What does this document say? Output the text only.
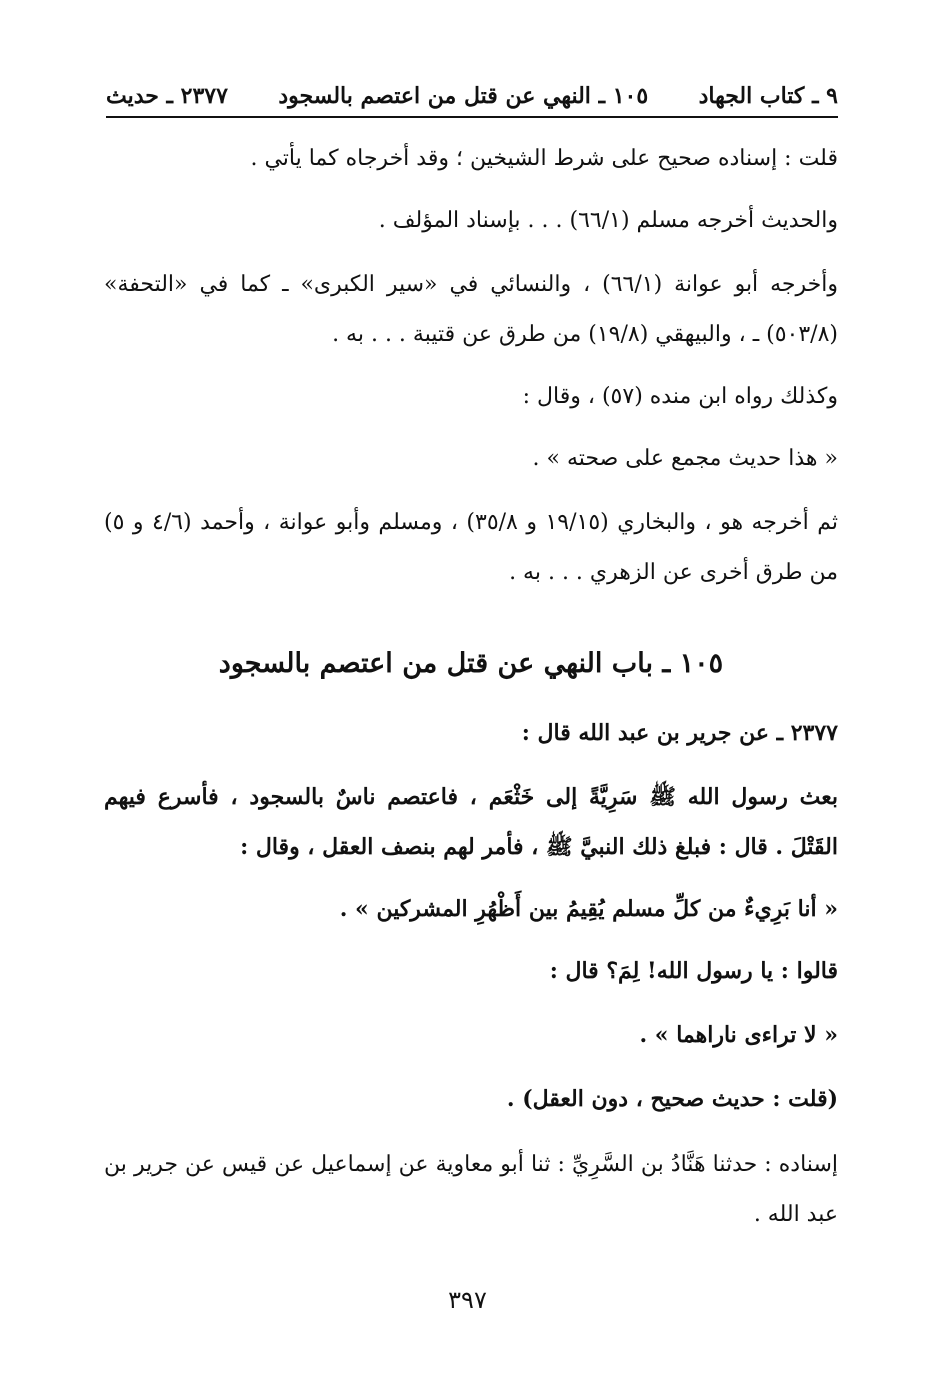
٩ ـ كتاب الجهاد
١٠٥ ـ النهي عن قتل من اعتصم بالسجود
٢٣٧٧ ـ حديث
قلت : إسناده صحيح على شرط الشيخين ؛ وقد أخرجاه كما يأتي .
والحديث أخرجه مسلم (٦٦/١) . . . بإسناد المؤلف .
وأخرجه أبو عوانة (٦٦/١) ، والنسائي في «سير الكبرى» ـ كما في «التحفة» (٥٠٣/٨) ـ ، والبيهقي (١٩/٨) من طرق عن قتيبة . . . به .
وكذلك رواه ابن منده (٥٧) ، وقال :
« هذا حديث مجمع على صحته » .
ثم أخرجه هو ، والبخاري (١٩/١٥ و ٣٥/٨) ، ومسلم وأبو عوانة ، وأحمد (٤/٦ و ٥) من طرق أخرى عن الزهري . . . به .
١٠٥ ـ باب النهي عن قتل من اعتصم بالسجود
٢٣٧٧ ـ عن جرير بن عبد الله قال :
بعث رسول الله ﷺ سَرِيَّةً إلى خَثْعَم ، فاعتصم ناسٌ بالسجود ، فأسرع فيهم القَتْلَ . قال : فبلغ ذلك النبيَّ ﷺ ، فأمر لهم بنصف العقل ، وقال :
« أنا بَرِيءٌ من كلِّ مسلم يُقِيمُ بين أَظْهُرِ المشركين » .
قالوا : يا رسول الله! لِمَ؟ قال :
« لا تراءى ناراهما » .
(قلت : حديث صحيح ، دون العقل) .
إسناده : حدثنا هَنَّادُ بن السَّرِيِّ : ثنا أبو معاوية عن إسماعيل عن قيس عن جرير بن عبد الله .
٣٩٧
